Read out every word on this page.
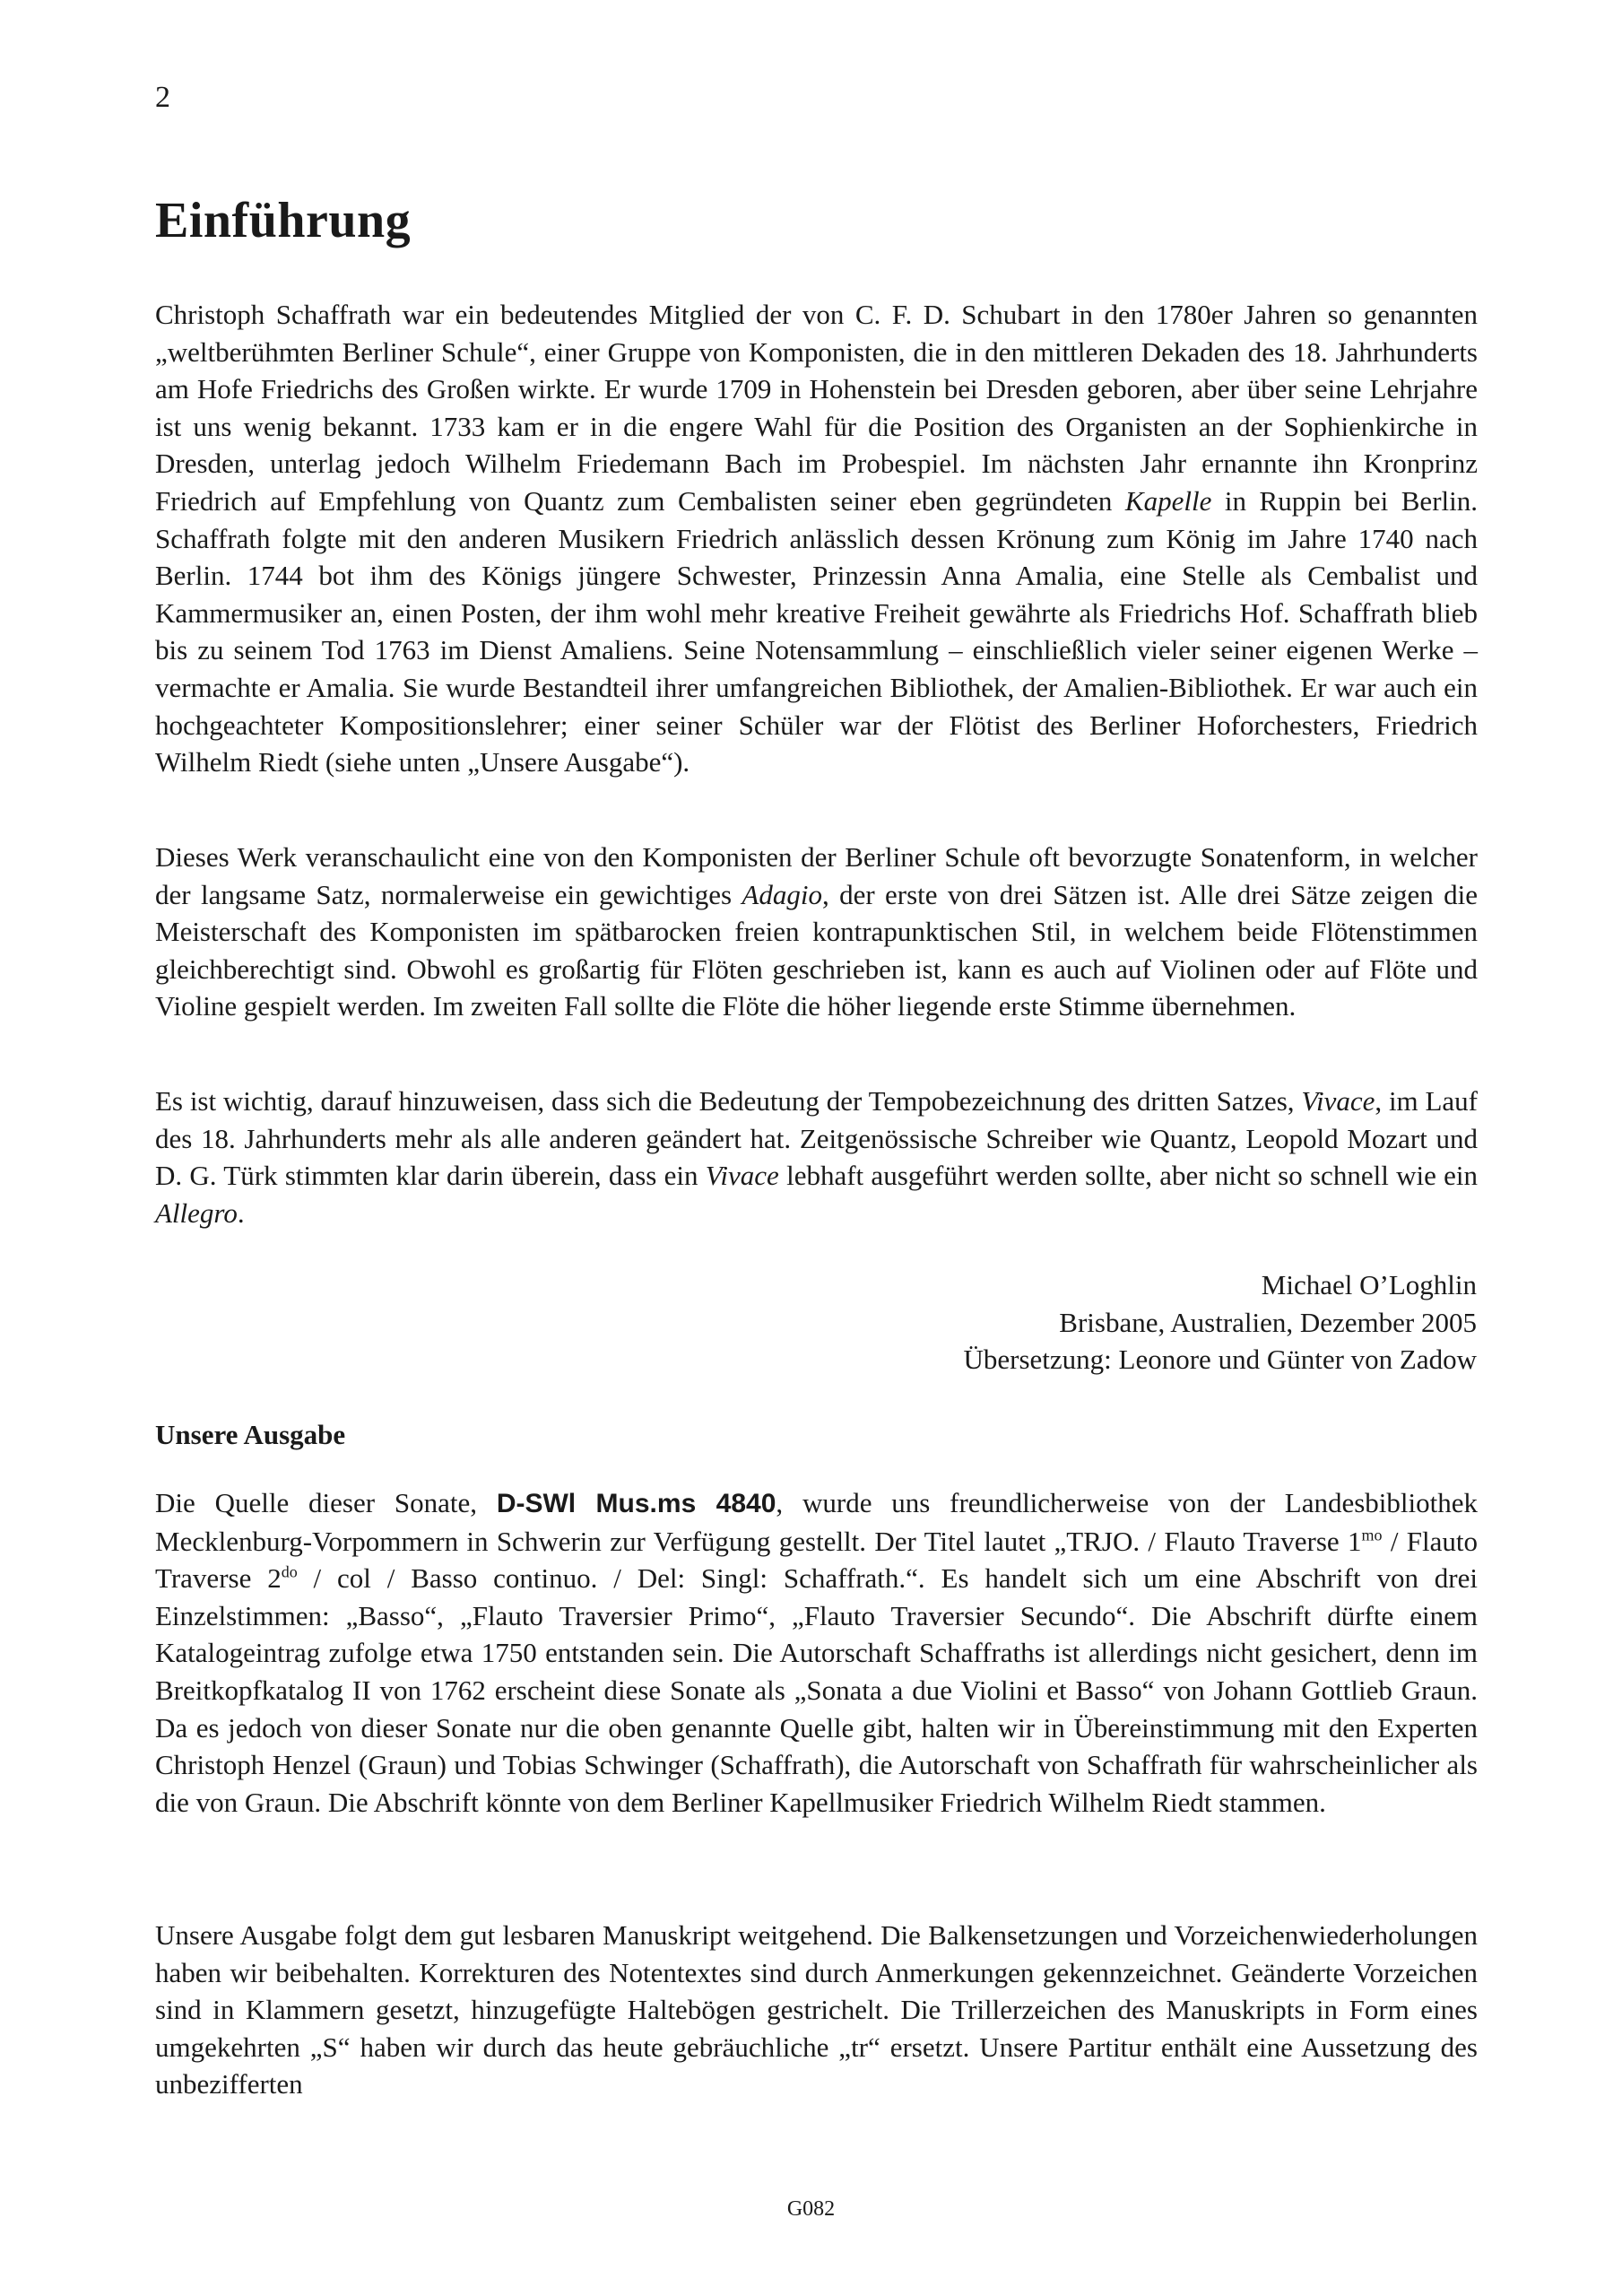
2
Einführung

Christoph Schaffrath war ein bedeutendes Mitglied der von C. F. D. Schubart in den 1780er Jahren so genannten „weltberühmten Berliner Schule“, einer Gruppe von Komponisten, die in den mittleren Dekaden des 18. Jahrhunderts am Hofe Friedrichs des Großen wirkte. Er wurde 1709 in Hohenstein bei Dresden geboren, aber über seine Lehrjahre ist uns wenig bekannt. 1733 kam er in die engere Wahl für die Position des Organisten an der Sophienkirche in Dresden, unterlag jedoch Wilhelm Friedemann Bach im Probespiel. Im nächsten Jahr ernannte ihn Kronprinz Friedrich auf Empfehlung von Quantz zum Cembalisten seiner eben gegründeten Kapelle in Ruppin bei Berlin. Schaffrath folgte mit den anderen Musikern Friedrich anlässlich dessen Krönung zum König im Jahre 1740 nach Berlin. 1744 bot ihm des Königs jüngere Schwester, Prinzessin Anna Amalia, eine Stelle als Cembalist und Kammermusiker an, einen Posten, der ihm wohl mehr kreative Freiheit gewährte als Friedrichs Hof. Schaffrath blieb bis zu seinem Tod 1763 im Dienst Amaliens. Seine Notensammlung – einschließlich vieler seiner eigenen Werke – vermachte er Amalia. Sie wurde Bestandteil ihrer umfangreichen Bibliothek, der Amalien-Bibliothek. Er war auch ein hochgeachteter Kompositionslehrer; einer seiner Schüler war der Flötist des Berliner Hoforchesters, Friedrich Wilhelm Riedt (siehe unten „Unsere Ausgabe“).

Dieses Werk veranschaulicht eine von den Komponisten der Berliner Schule oft bevorzugte Sonatenform, in welcher der langsame Satz, normalerweise ein gewichtiges Adagio, der erste von drei Sätzen ist. Alle drei Sätze zeigen die Meisterschaft des Komponisten im spätbarocken freien kontrapunktischen Stil, in welchem beide Flötenstimmen gleichberechtigt sind. Obwohl es großartig für Flöten geschrieben ist, kann es auch auf Violinen oder auf Flöte und Violine gespielt werden. Im zweiten Fall sollte die Flöte die höher liegende erste Stimme übernehmen.

Es ist wichtig, darauf hinzuweisen, dass sich die Bedeutung der Tempobezeichnung des dritten Satzes, Vivace, im Lauf des 18. Jahrhunderts mehr als alle anderen geändert hat. Zeitgenössische Schreiber wie Quantz, Leopold Mozart und D. G. Türk stimmten klar darin überein, dass ein Vivace lebhaft ausgeführt werden sollte, aber nicht so schnell wie ein Allegro.

Michael O’Loghlin
Brisbane, Australien, Dezember 2005
Übersetzung: Leonore und Günter von Zadow
Unsere Ausgabe

Die Quelle dieser Sonate, D-SWl Mus.ms 4840, wurde uns freundlicherweise von der Landesbibliothek Mecklenburg-Vorpommern in Schwerin zur Verfügung gestellt. Der Titel lautet „TRJO. / Flauto Traverse $1^{mo}$ / Flauto Traverse $2^{do}$ / col / Basso continuo. / Del: Singl: Schaffrath.“. Es handelt sich um eine Abschrift von drei Einzelstimmen: „Basso“, „Flauto Traversier Primo“, „Flauto Traversier Secundo“. Die Abschrift dürfte einem Katalogeintrag zufolge etwa 1750 entstanden sein. Die Autorschaft Schaffraths ist allerdings nicht gesichert, denn im Breitkopfkatalog II von 1762 erscheint diese Sonate als „Sonata a due Violini et Basso“ von Johann Gottlieb Graun. Da es jedoch von dieser Sonate nur die oben genannte Quelle gibt, halten wir in Übereinstimmung mit den Experten Christoph Henzel (Graun) und Tobias Schwinger (Schaffrath), die Autorschaft von Schaffrath für wahrscheinlicher als die von Graun. Die Abschrift könnte von dem Berliner Kapellmusiker Friedrich Wilhelm Riedt stammen.

Unsere Ausgabe folgt dem gut lesbaren Manuskript weitgehend. Die Balkensetzungen und Vorzeichenwiederholungen haben wir beibehalten. Korrekturen des Notentextes sind durch Anmerkungen gekennzeichnet. Geänderte Vorzeichen sind in Klammern gesetzt, hinzugefügte Haltebögen gestrichelt. Die Trillerzeichen des Manuskripts in Form eines umgekehrten „S“ haben wir durch das heute gebräuchliche „tr“ ersetzt. Unsere Partitur enthält eine Aussetzung des unbezifferten

G082
